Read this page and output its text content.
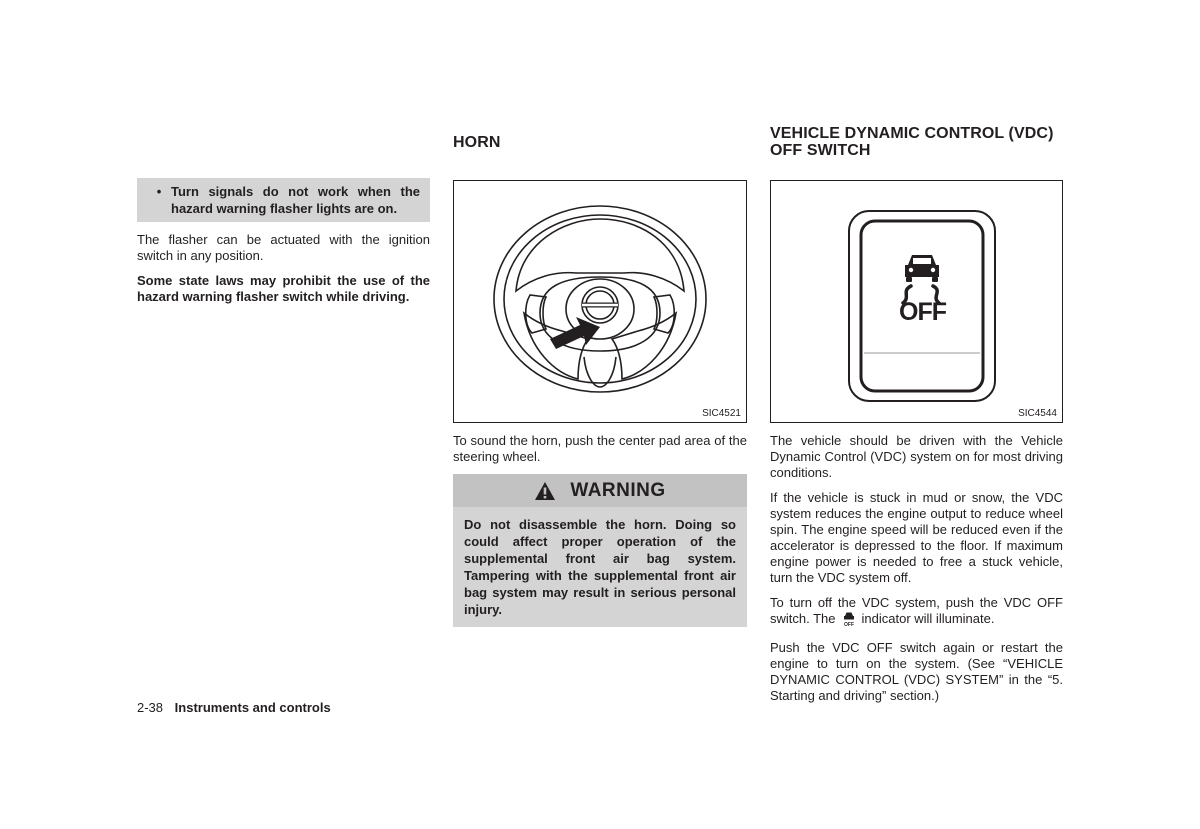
• Turn signals do not work when the hazard warning flasher lights are on.

The flasher can be actuated with the ignition switch in any position.

Some state laws may prohibit the use of the hazard warning flasher switch while driving.

HORN
SIC4521

To sound the horn, push the center pad area of the steering wheel.

WARNING
Do not disassemble the horn. Doing so could affect proper operation of the supplemental front air bag system. Tampering with the supplemental front air bag system may result in serious personal injury.
VEHICLE DYNAMIC CONTROL (VDC)
OFF SWITCH
OFF
SIC4544

The vehicle should be driven with the Vehicle Dynamic Control (VDC) system on for most driving conditions.

If the vehicle is stuck in mud or snow, the VDC system reduces the engine output to reduce wheel spin. The engine speed will be reduced even if the accelerator is depressed to the floor. If maximum engine power is needed to free a stuck vehicle, turn the VDC system off.

To turn off the VDC system, push the VDC OFF switch. The OFF indicator will illuminate.

Push the VDC OFF switch again or restart the engine to turn on the system. (See “VEHICLE DYNAMIC CONTROL (VDC) SYSTEM” in the “5. Starting and driving” section.)

2-38 Instruments and controls
